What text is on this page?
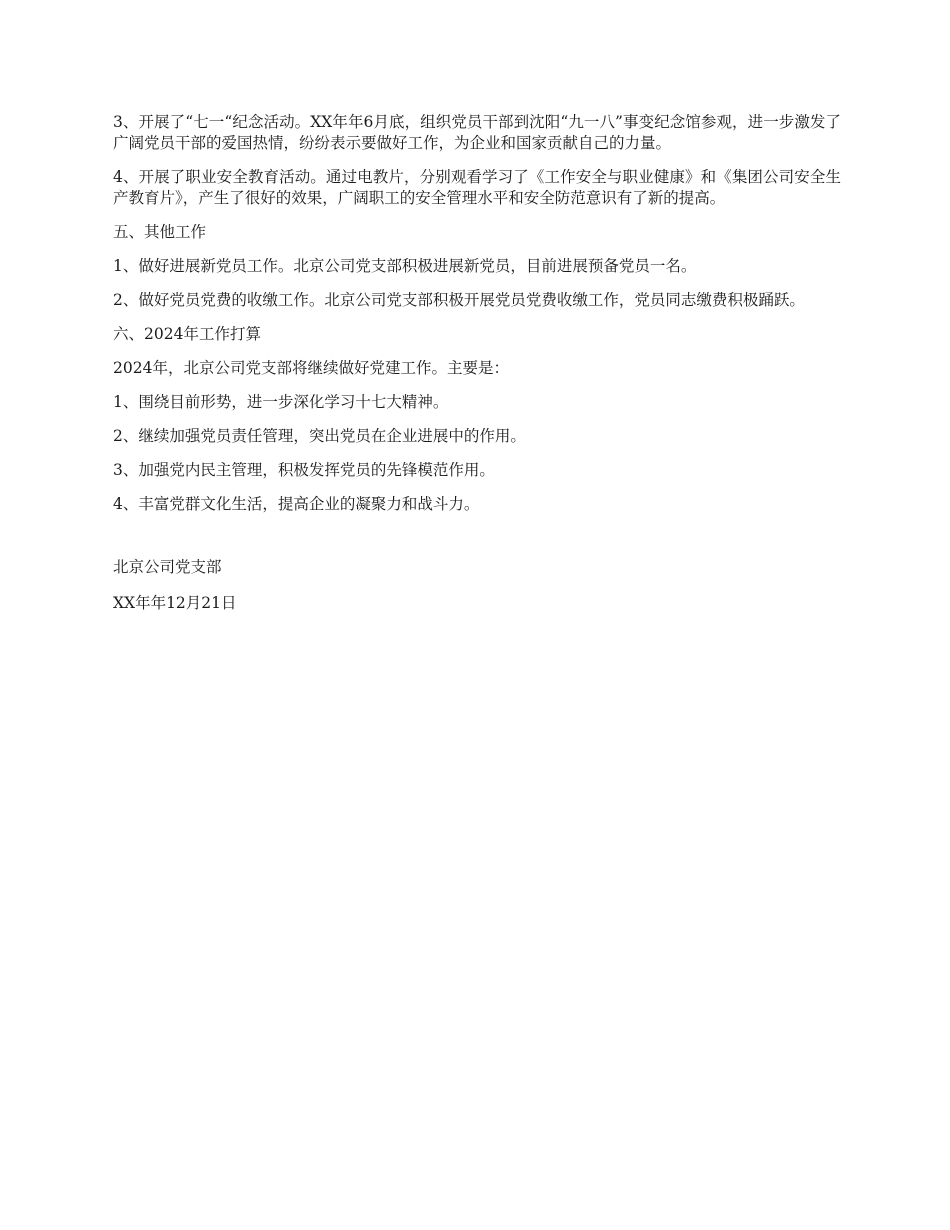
3、开展了“七一“纪念活动。XX年年6月底，组织党员干部到沈阳“九一八”事变纪念馆参观，进一步激发了广阔党员干部的爱国热情，纷纷表示要做好工作，为企业和国家贡献自己的力量。

4、开展了职业安全教育活动。通过电教片，分别观看学习了《工作安全与职业健康》和《集团公司安全生产教育片》，产生了很好的效果，广阔职工的安全管理水平和安全防范意识有了新的提高。

五、其他工作

1、做好进展新党员工作。北京公司党支部积极进展新党员，目前进展预备党员一名。

2、做好党员党费的收缴工作。北京公司党支部积极开展党员党费收缴工作，党员同志缴费积极踊跃。

六、2024年工作打算

2024年，北京公司党支部将继续做好党建工作。主要是：

1、围绕目前形势，进一步深化学习十七大精神。

2、继续加强党员责任管理，突出党员在企业进展中的作用。

3、加强党内民主管理，积极发挥党员的先锋模范作用。

4、丰富党群文化生活，提高企业的凝聚力和战斗力。

北京公司党支部

XX年年12月21日
